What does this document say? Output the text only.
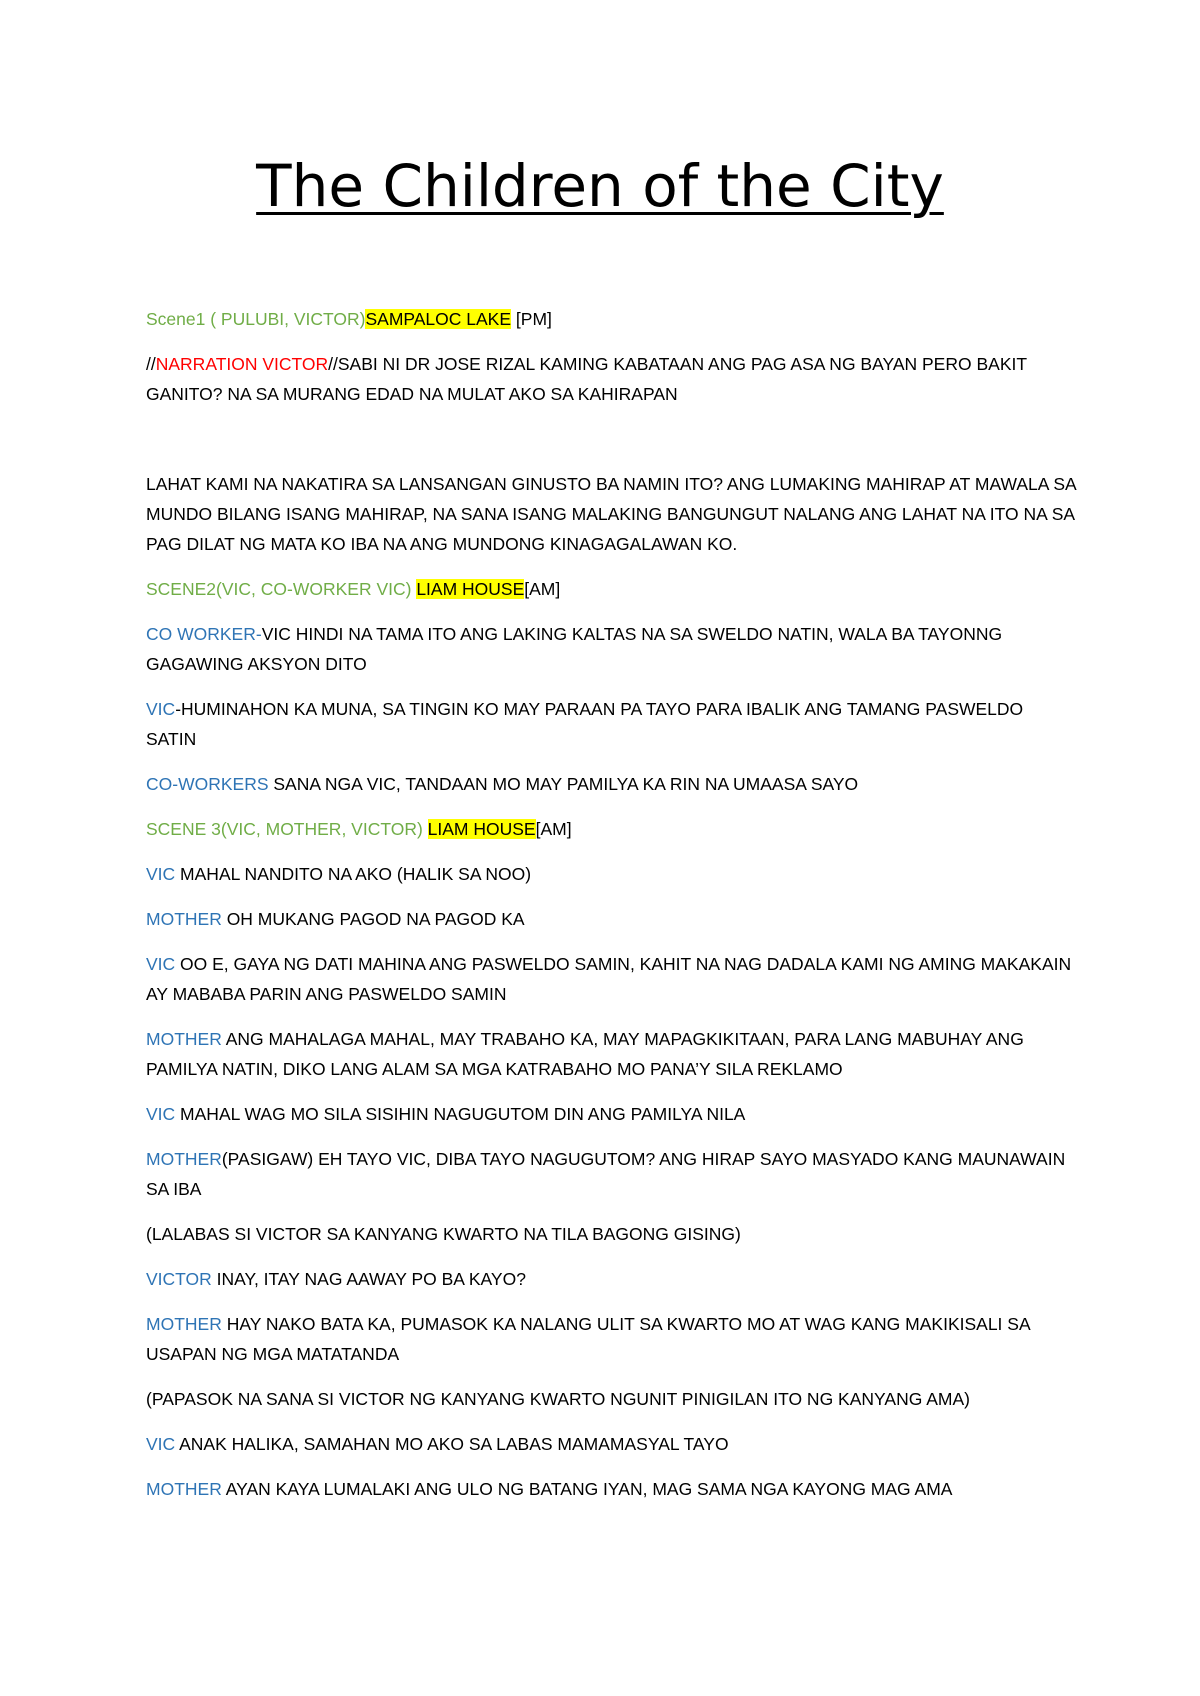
The Children of the City

Scene1 ( PULUBI, VICTOR)SAMPALOC LAKE [PM]

//NARRATION VICTOR//SABI NI DR JOSE RIZAL KAMING KABATAAN ANG PAG ASA NG BAYAN PERO BAKIT GANITO? NA SA MURANG EDAD NA MULAT AKO SA KAHIRAPAN

LAHAT KAMI NA NAKATIRA SA LANSANGAN GINUSTO BA NAMIN ITO? ANG LUMAKING MAHIRAP AT MAWALA SA MUNDO BILANG ISANG MAHIRAP, NA SANA ISANG MALAKING BANGUNGUT NALANG ANG LAHAT NA ITO NA SA PAG DILAT NG MATA KO IBA NA ANG MUNDONG KINAGAGALAWAN KO.

SCENE2(VIC, CO-WORKER VIC) LIAM HOUSE[AM]

CO WORKER-VIC HINDI NA TAMA ITO ANG LAKING KALTAS NA SA SWELDO NATIN, WALA BA TAYONNG GAGAWING AKSYON DITO

VIC-HUMINAHON KA MUNA, SA TINGIN KO MAY PARAAN PA TAYO PARA IBALIK ANG TAMANG PASWELDO SATIN

CO-WORKERS SANA NGA VIC, TANDAAN MO MAY PAMILYA KA RIN NA UMAASA SAYO

SCENE 3(VIC, MOTHER, VICTOR) LIAM HOUSE[AM]

VIC MAHAL NANDITO NA AKO (HALIK SA NOO)

MOTHER OH MUKANG PAGOD NA PAGOD KA

VIC OO E, GAYA NG DATI MAHINA ANG PASWELDO SAMIN, KAHIT NA NAG DADALA KAMI NG AMING MAKAKAIN AY MABABA PARIN ANG PASWELDO SAMIN

MOTHER ANG MAHALAGA MAHAL, MAY TRABAHO KA, MAY MAPAGKIKITAAN, PARA LANG MABUHAY ANG PAMILYA NATIN, DIKO LANG ALAM SA MGA KATRABAHO MO PANA’Y SILA REKLAMO

VIC MAHAL WAG MO SILA SISIHIN NAGUGUTOM DIN ANG PAMILYA NILA

MOTHER(PASIGAW) EH TAYO VIC, DIBA TAYO NAGUGUTOM? ANG HIRAP SAYO MASYADO KANG MAUNAWAIN SA IBA

(LALABAS SI VICTOR SA KANYANG KWARTO NA TILA BAGONG GISING)

VICTOR INAY, ITAY NAG AAWAY PO BA KAYO?

MOTHER HAY NAKO BATA KA, PUMASOK KA NALANG ULIT SA KWARTO MO AT WAG KANG MAKIKISALI SA USAPAN NG MGA MATATANDA

(PAPASOK NA SANA SI VICTOR NG KANYANG KWARTO NGUNIT PINIGILAN ITO NG KANYANG AMA)

VIC ANAK HALIKA, SAMAHAN MO AKO SA LABAS MAMAMASYAL TAYO

MOTHER AYAN KAYA LUMALAKI ANG ULO NG BATANG IYAN, MAG SAMA NGA KAYONG MAG AMA
